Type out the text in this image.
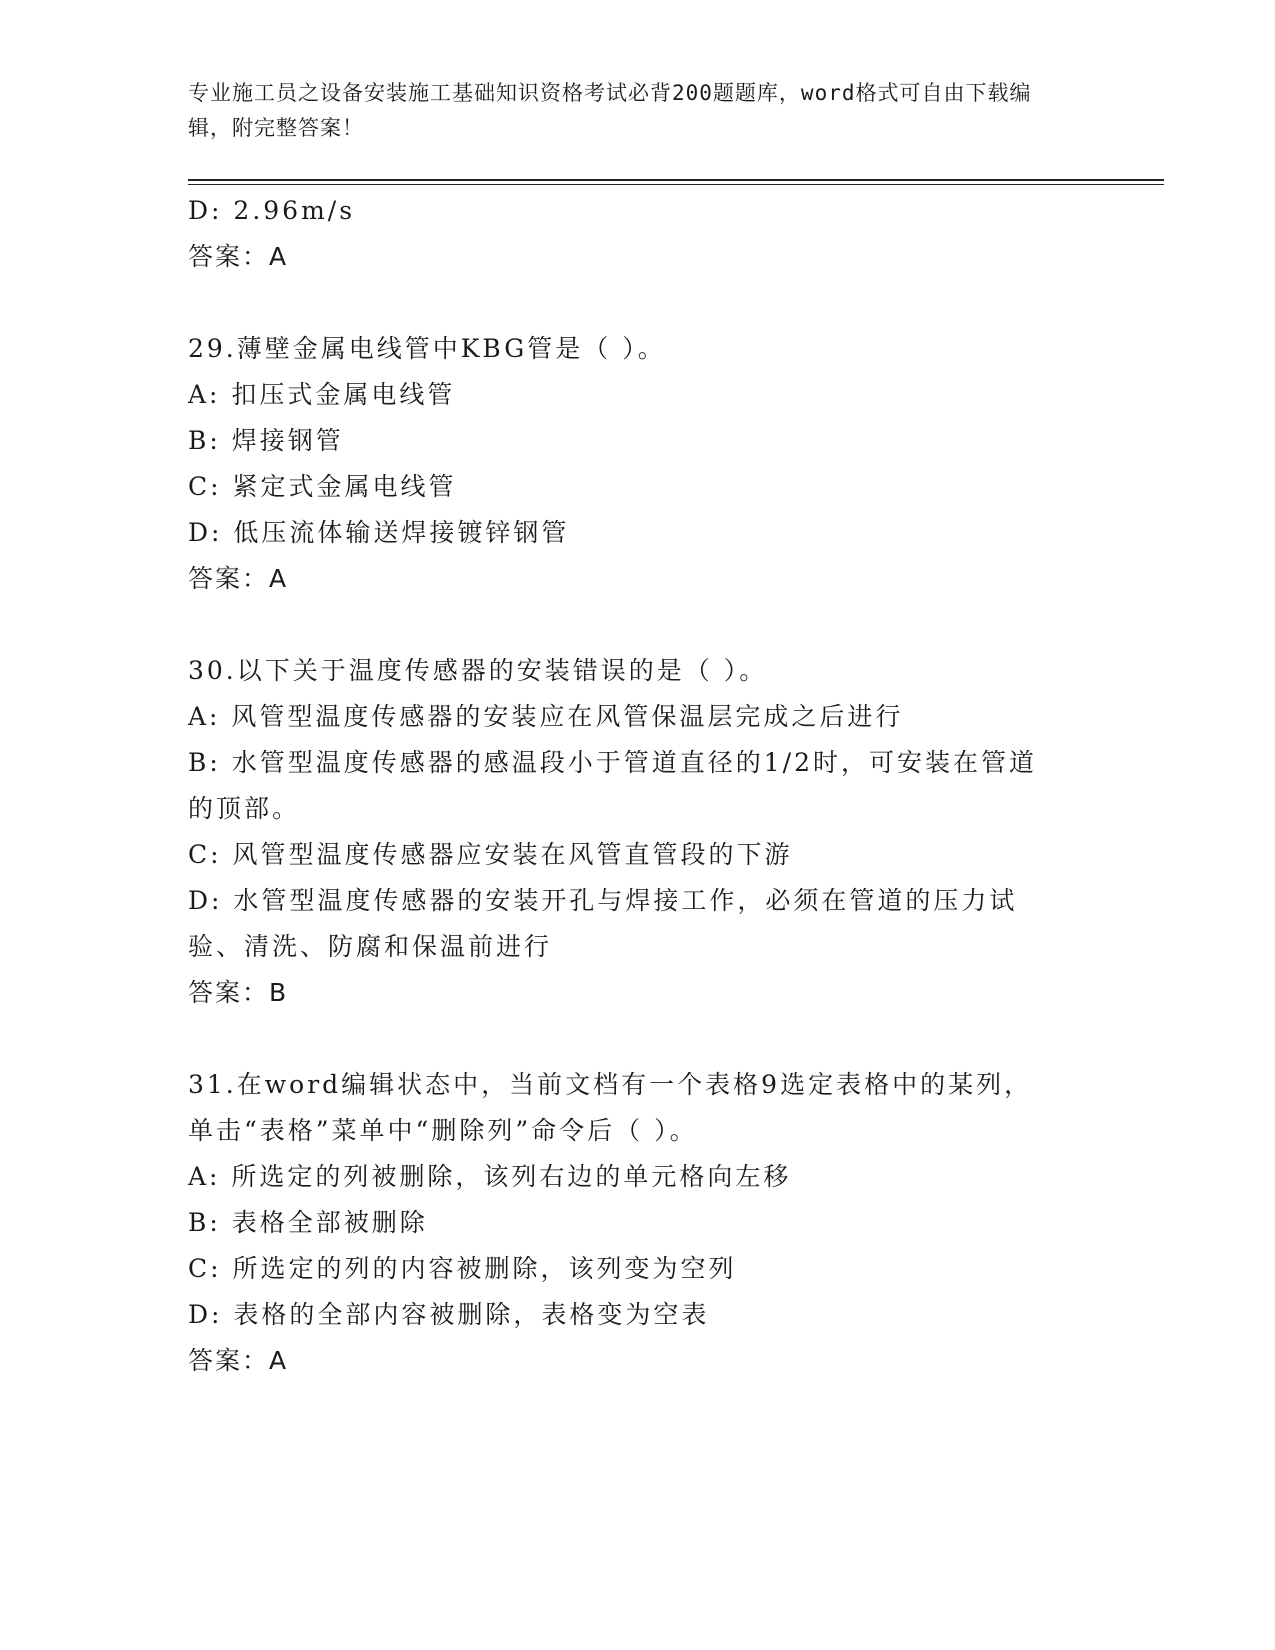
专业施工员之设备安装施工基础知识资格考试必背200题题库，word格式可自由下载编辑，附完整答案！
D: 2.96m/s
答案：A
29.薄壁金属电线管中KBG管是（ ）。
A: 扣压式金属电线管
B: 焊接钢管
C: 紧定式金属电线管
D: 低压流体输送焊接镀锌钢管
答案：A
30.以下关于温度传感器的安装错误的是（ ）。
A: 风管型温度传感器的安装应在风管保温层完成之后进行
B: 水管型温度传感器的感温段小于管道直径的1/2时，可安装在管道的顶部。
C: 风管型温度传感器应安装在风管直管段的下游
D: 水管型温度传感器的安装开孔与焊接工作，必须在管道的压力试验、清洗、防腐和保温前进行
答案：B
31.在word编辑状态中，当前文档有一个表格9选定表格中的某列，单击“表格”菜单中“删除列”命令后（ ）。
A: 所选定的列被删除，该列右边的单元格向左移
B: 表格全部被删除
C: 所选定的列的内容被删除，该列变为空列
D: 表格的全部内容被删除，表格变为空表
答案：A
